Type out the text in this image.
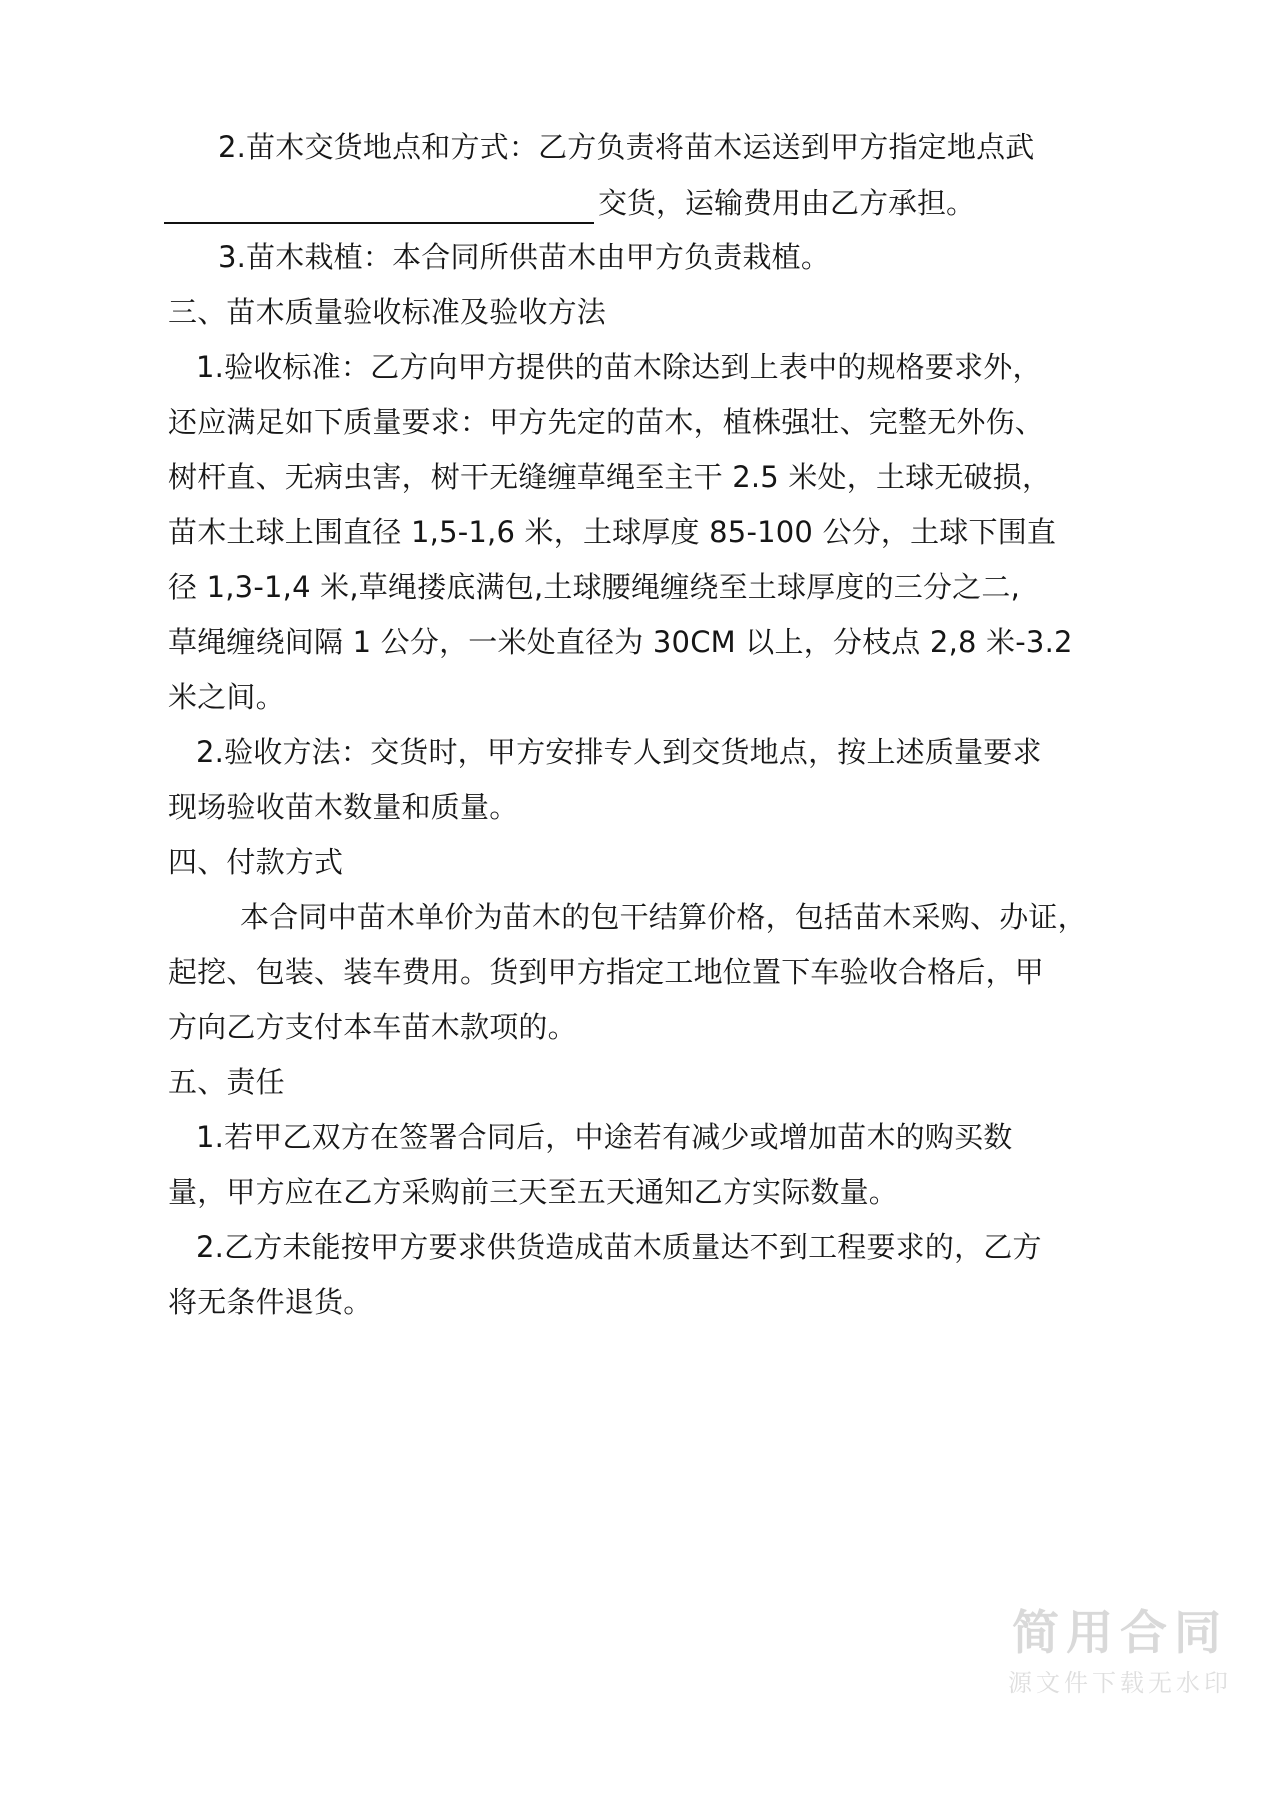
2.苗木交货地点和方式：乙方负责将苗木运送到甲方指定地点武
交货，运输费用由乙方承担。
3.苗木栽植：本合同所供苗木由甲方负责栽植。
三、苗木质量验收标准及验收方法
1.验收标准：乙方向甲方提供的苗木除达到上表中的规格要求外，
还应满足如下质量要求：甲方先定的苗木，植株强壮、完整无外伤、
树杆直、无病虫害，树干无缝缠草绳至主干 2.5 米处，土球无破损，
苗木土球上围直径 1,5-1,6 米，土球厚度 85-100 公分，土球下围直
径 1,3-1,4 米,草绳搂底满包,土球腰绳缠绕至土球厚度的三分之二,
草绳缠绕间隔 1 公分，一米处直径为 30CM 以上，分枝点 2,8 米-3.2
米之间。
2.验收方法：交货时，甲方安排专人到交货地点，按上述质量要求
现场验收苗木数量和质量。
四、付款方式
本合同中苗木单价为苗木的包干结算价格，包括苗木采购、办证，
起挖、包装、装车费用。货到甲方指定工地位置下车验收合格后，甲
方向乙方支付本车苗木款项的。
五、责任
1.若甲乙双方在签署合同后，中途若有减少或增加苗木的购买数
量，甲方应在乙方采购前三天至五天通知乙方实际数量。
2.乙方未能按甲方要求供货造成苗木质量达不到工程要求的，乙方
将无条件退货。
简用合同
源文件下载无水印
